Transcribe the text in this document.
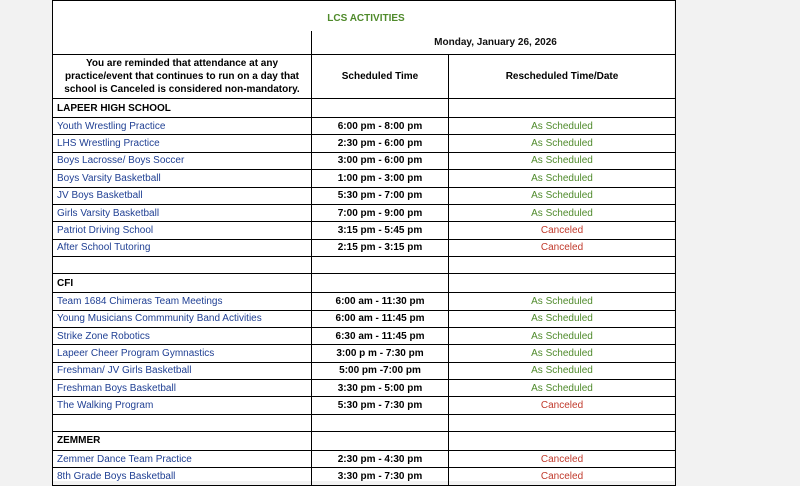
LCS ACTIVITIES		
	Monday, January 26, 2026	
You are reminded that attendance at any practice/event that continues to run on a day that school is Canceled is considered non-mandatory.	Scheduled Time	Rescheduled Time/Date
LAPEER HIGH SCHOOL		
Youth Wrestling Practice	6:00 pm - 8:00 pm	As Scheduled
LHS Wrestling Practice	2:30 pm - 6:00 pm	As Scheduled
Boys Lacrosse/ Boys Soccer	3:00 pm - 6:00 pm	As Scheduled
Boys Varsity Basketball	1:00 pm - 3:00 pm	As Scheduled
JV Boys Basketball	5:30 pm - 7:00 pm	As Scheduled
Girls Varsity Basketball	7:00 pm - 9:00 pm	As Scheduled
Patriot Driving School	3:15 pm - 5:45 pm	Canceled
After School Tutoring	2:15 pm - 3:15 pm	Canceled

CFI		
Team 1684 Chimeras Team Meetings	6:00 am - 11:30 pm	As Scheduled
Young Musicians Commmunity Band Activities	6:00 am - 11:45 pm	As Scheduled
Strike Zone Robotics	6:30 am - 11:45 pm	As Scheduled
Lapeer Cheer Program Gymnastics	3:00 p m - 7:30 pm	As Scheduled
Freshman/ JV Girls Basketball	5:00 pm -7:00 pm	As Scheduled
Freshman Boys Basketball	3:30 pm - 5:00 pm	As Scheduled
The Walking Program	5:30 pm - 7:30 pm	Canceled

ZEMMER		
Zemmer Dance Team Practice	2:30 pm - 4:30 pm	Canceled
8th Grade Boys Basketball	3:30 pm - 7:30 pm	Canceled
